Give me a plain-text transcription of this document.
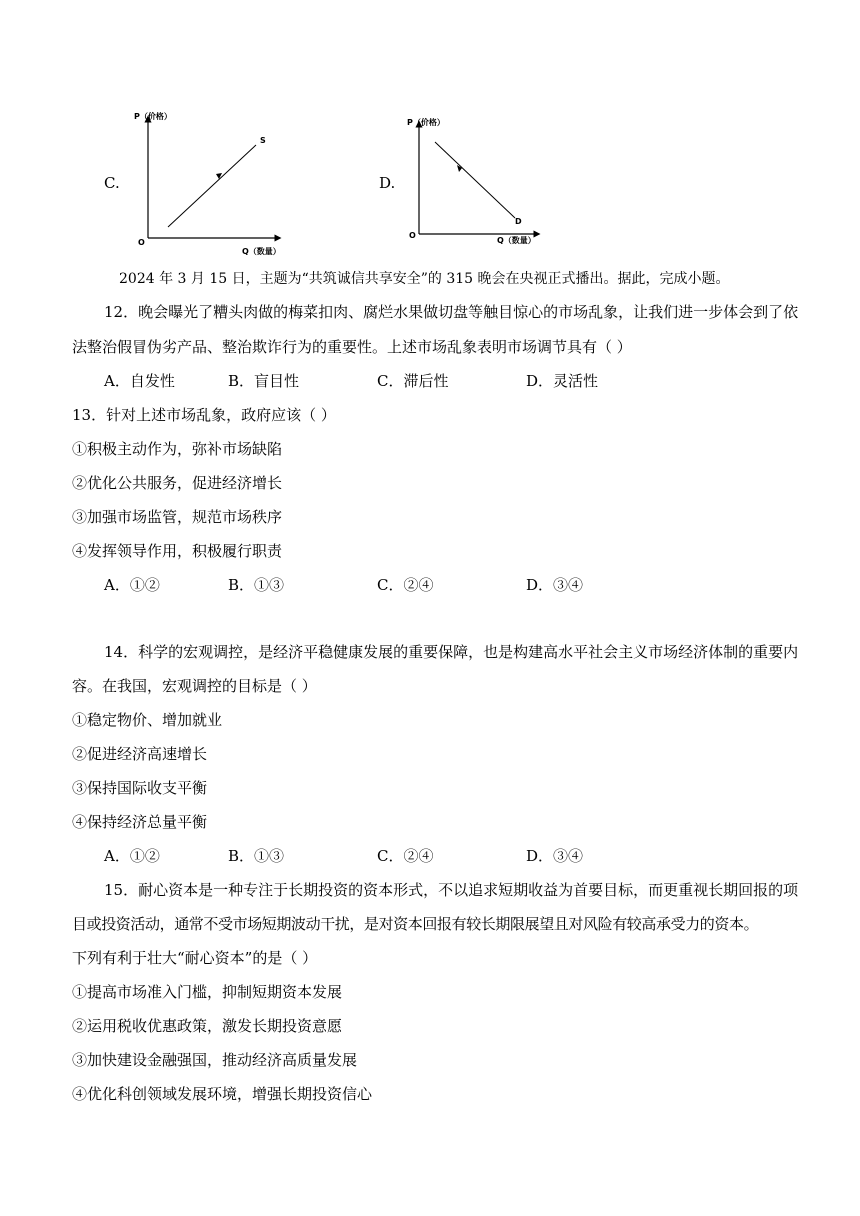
C.
P（价格）
O
Q（数量）
S
D.
P（价格）
O
Q（数量）
D
2024 年 3 月 15 日，主题为“共筑诚信共享安全”的 315 晚会在央视正式播出。据此，完成小题。
12．晚会曝光了糟头肉做的梅菜扣肉、腐烂水果做切盘等触目惊心的市场乱象，让我们进一步体会到了依
法整治假冒伪劣产品、整治欺诈行为的重要性。上述市场乱象表明市场调节具有（ ）
A．自发性	B．盲目性	C．滞后性	D．灵活性
13．针对上述市场乱象，政府应该（ ）
①积极主动作为，弥补市场缺陷
②优化公共服务，促进经济增长
③加强市场监管，规范市场秩序
④发挥领导作用，积极履行职责
A．①②	B．①③	C．②④	D．③④
14．科学的宏观调控，是经济平稳健康发展的重要保障，也是构建高水平社会主义市场经济体制的重要内
容。在我国，宏观调控的目标是（ ）
①稳定物价、增加就业
②促进经济高速增长
③保持国际收支平衡
④保持经济总量平衡
A．①②	B．①③	C．②④	D．③④
15．耐心资本是一种专注于长期投资的资本形式，不以追求短期收益为首要目标，而更重视长期回报的项
目或投资活动，通常不受市场短期波动干扰，是对资本回报有较长期限展望且对风险有较高承受力的资本。
下列有利于壮大“耐心资本”的是（ ）
①提高市场准入门槛，抑制短期资本发展
②运用税收优惠政策，激发长期投资意愿
③加快建设金融强国，推动经济高质量发展
④优化科创领域发展环境，增强长期投资信心
